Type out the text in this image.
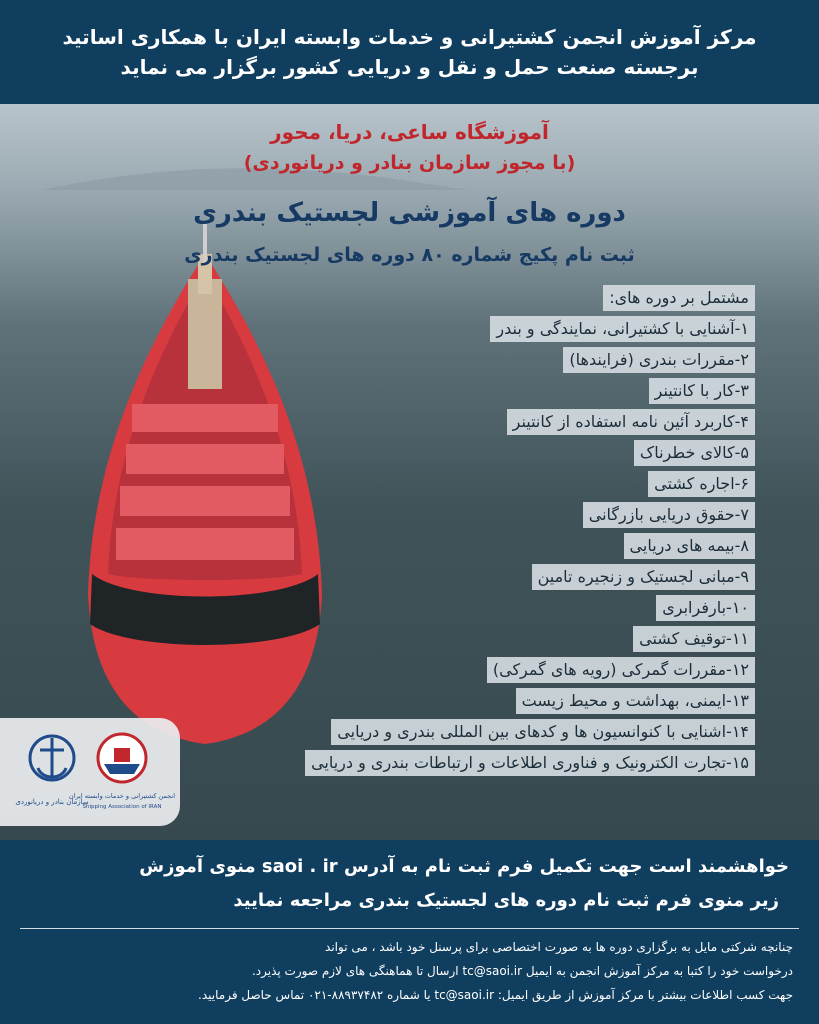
مرکز آموزش انجمن کشتیرانی و خدمات وابسته ایران با همکاری اساتید
برجسته صنعت حمل و نقل و دریایی کشور برگزار می نماید
آموزشگاه ساعی، دریا، محور
(با مجوز سازمان بنادر و دریانوردی)
دوره های آموزشی لجستیک بندری
ثبت نام پکیج شماره ۸۰ دوره های لجستیک بندری
مشتمل بر دوره های:
۱-آشنایی با کشتیرانی، نمایندگی و بندر
۲-مقررات بندری (فرایندها)
۳-کار با کانتینر
۴-کاربرد آئین نامه استفاده از کانتینر
۵-کالای خطرناک
۶-اجاره کشتی
۷-حقوق دریایی بازرگانی
۸-بیمه های دریایی
۹-مبانی لجستیک و زنجیره تامین
۱۰-بارفرابری
۱۱-توقیف کشتی
۱۲-مقررات گمرکی (رویه های گمرکی)
۱۳-ایمنی، بهداشت و محیط زیست
۱۴-اشنایی با کنوانسیون ها و کدهای بین المللی بندری و دریایی
۱۵-تجارت الکترونیک و فناوری اطلاعات و ارتباطات بندری و دریایی
سازمان بنادر و دریانوردی
انجمن کشتیرانی و خدمات وابسته ایران
Shipping Association of IRAN
خواهشمند است جهت تکمیل فرم ثبت نام به آدرس saoi . ir منوی آموزش
زیر منوی فرم ثبت نام دوره های لجستیک بندری مراجعه نمایید
چنانچه شرکتی مایل به برگزاری دوره ها به صورت اختصاصی برای پرسنل خود باشد ، می تواند
درخواست خود را کتبا به مرکز آموزش انجمن به ایمیل tc@saoi.ir ارسال تا هماهنگی های لازم صورت پذیرد.
جهت کسب اطلاعات بیشتر با مرکز آموزش از طریق ایمیل: tc@saoi.ir یا شماره ۸۸۹۳۷۴۸۲-۰۲۱ تماس حاصل فرمایید.
